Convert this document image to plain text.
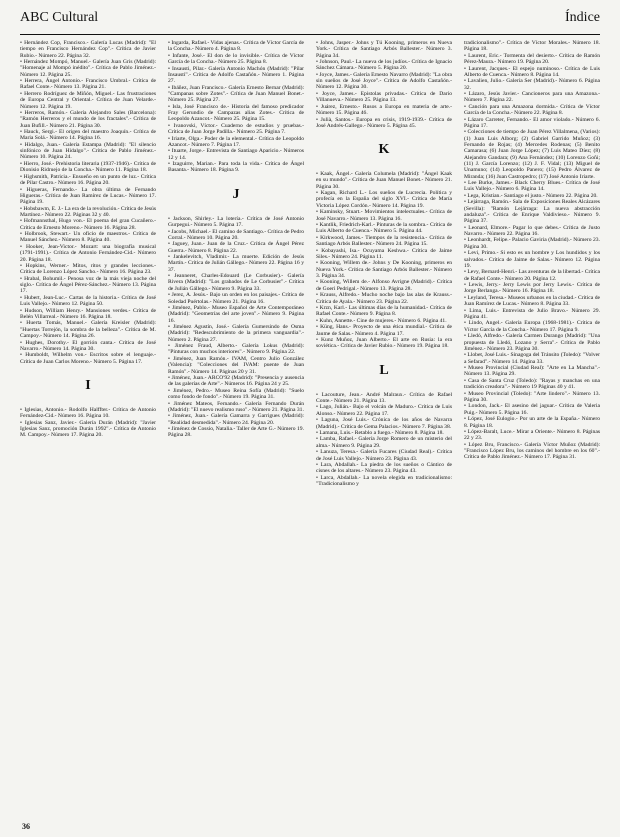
ABC Cultural	Índice
• Hernández Cop, Francisco.- Galería Lucas (Madrid): "El tiempo en Francisco Hernández Cop".- Crítica de Javier Rubio.- Número 22. Página 32.
• Hernández Mompó, Manuel.- Galería Juan Gris (Madrid): "Homenaje al Mompó inédito".- Crítica de Pablo Jiménez.- Número 12. Página 25.
• Herrera, Ángel Antonio.- Francisco Umbral.- Crítica de Rafael Conte.- Número 13. Página 21.
• Herrero Rodríguez de Miñón, Miguel.- Las frustraciones de Europa Central y Oriental.- Crítica de Juan Velarde.- Número 12. Página 19.
• Herreros, Ramón.- Galería Alejandro Sales (Barcelona): "Ramón Herreros y el mundo de los fractales".- Crítica de Juan Bufill.- Número 21. Página 30.
• Hauck, Sergi.- El origen del maestro Joaquín.- Crítica de Maria Solá.- Número 14. Página 16.
• Hidalgo, Juan.- Galería Estampa (Madrid): "El silencio sinfónico de Juan Hidalgo".- Crítica de Pablo Jiménez.- Número 10. Página 24.
• Hierro, José.- Prehistoria literaria (1937-1946).- Crítica de Dionisio Ridruejo de la Concha.- Número 11. Página 18.
• Highsmith, Patricia.- Ensueño en un punto de luz.- Crítica de Pilar Castro.- Número 16. Página 20.
• Higueras, Fernando.- La obra última de Fernando Higueras.- Crítica de Juan Ramírez de Lucas.- Número 17. Página 19.
• Hobsbawm, E. J.- La era de la revolución.- Crítica de Jesús Martínez.- Número 22. Páginas 32 y 40.
• Hofmannsthal, Hugo von.- El poema del gran Cucañero.- Crítica de Ernesto Moreno.- Número 16. Página 28.
• Holbrook, Stewart.- Un oficio de maestros.- Crítica de Manuel Sánchez.- Número 8. Página 40.
• Hooker, Jean-Victor.- Mozart: una biografía musical (1791-1991).- Crítica de Antonio Fernández-Cid.- Número 20. Página 18.
• Hopkins, Werner.- Mitos, ritos y grandes lecciones.- Crítica de Lorenzo López Sancho.- Número 16. Página 23.
• Hrabal, Bohumil.- Penosa voz de la más vieja noche del siglo.- Crítica de Ángel Pérez-Sánchez.- Número 13. Página 17.
• Hubert, Jean-Luc.- Cartas de la historia.- Crítica de José Luis Vallejo.- Número 12. Página 50.
• Hudson, William Henry.- Mansiones verdes.- Crítica de Belén Villarreal.- Número 16. Página 18.
• Huerta Tomás, Manuel.- Galería Kreisler (Madrid): "Huertas Torrejón, la sombra de la belleza".- Crítica de M. Campoy.- Número 14. Página 26.
• Hughes, Dorothy.- El gorrión canta.- Crítica de José Navarro.- Número 14. Página 30.
• Humboldt, Wilhelm von.- Escritos sobre el lenguaje.- Crítica de Juan Carlos Moreno.- Número 5. Página 17.
I
• Iglesias, Antonio.- Rodolfo Halffter.- Crítica de Antonio Fernández-Cid.- Número 16. Página 10.
• Iglesias Sanz, Javier.- Galería Durán (Madrid): "Javier Iglesias Sanz, promoción Durán 1992".- Crítica de Antonio M. Campoy.- Número 17. Página 20.
• Ingarda, Rafael.- Vidas ajenas.- Crítica de Víctor García de la Concha.- Número 4. Página 8.
• Infante, José.- El don de lo invisible.- Crítica de Víctor García de la Concha.- Número 25. Página 8.
• Insausti, Pilar.- Galería Antonio Machón (Madrid): "Pilar Insausti".- Crítica de Adolfo Castañón.- Número 1. Página 27.
• Ibáñez, Juan Francisco.- Galería Ernesto Bernar (Madrid): "Campanas sobre Zotes".- Crítica de Juan Manuel Bonet.- Número 25. Página 27.
• Isla, José Francisco de.- Historia del famoso predicador Fray Gerundio de Campazas alias Zotes.- Crítica de Leopoldo Azancot.- Número 25. Página 15.
• Ivanovski, Víctor.- Cuaderno de estudios y pruebas.- Crítica de Juan Jorge Padilla.- Número 25. Página 7.
• Iriarte, Olga.- Poder de la elemental.- Crítica de Leopoldo Azancot.- Número 7. Página 17.
• Ituarte, Jorge.- Entrevista de Santiago Aparicio.- Números 12 y 14.
• Izaguirre, Marian.- Para toda la vida.- Crítica de Ángel Basanta.- Número 18. Página 9.
J
• Jackson, Shirley.- La lotería.- Crítica de José Antonio Gurpegui.- Número 5. Página 17.
• Jacobs, Michael.- El camino de Santiago.- Crítica de Pedro Corral.- Número 10. Página 20.
• Jaguey, Juan.- Juan de la Cruz.- Crítica de Ángel Pérez Guerra.- Número 8. Página 22.
• Jankelevitch, Vladimir.- La muerte. Edición de Jesús Martín.- Crítica de Julián Gállego.- Número 22. Página 16 y 37.
• Jeanneret, Charles-Edouard (Le Corbusier).- Galería Rivera (Madrid): "Los grabados de Le Corbusier".- Crítica de Julián Gállego.- Número 9. Página 33.
• Jerez, A. Jesús.- Bajo un orden en los paisajes.- Crítica de Soledad Puértolas.- Número 21. Página 16.
• Jiménez, Pablo.- Museo Español de Arte Contemporáneo (Madrid): "Geometrías del arte joven".- Número 9. Página 16.
• Jiménez Agustín, José.- Galería Gumersindo de Osma (Madrid): "Redescubrimiento de la primera vanguardia".- Número 2. Página 27.
• Jiménez Fraud, Alberto.- Galería Lokus (Madrid): "Pinturas con muchos interiores".- Número 9. Página 22.
• Jiménez, Juan Ramón.- IVAM, Centro Julio González (Valencia): "Colecciones del IVAM: puente de Juan Ramón".- Número 14. Páginas 20 y 31.
• Jiménez, Juan.- ARCO'92 (Madrid): "Presencia y ausencia de las galerías de Arte".- Números 16. Página 24 y 25.
• Jiménez, Pedro.- Museo Reina Sofía (Madrid): "Suelo como fondo de fondo".- Número 19. Página 31.
• Jiménez Mateos, Fernando.- Galería Fernando Durán (Madrid): "El nuevo realismo ruso".- Número 21. Página 31.
• Jiménez, Juan.- Galería Gamarra y Garrigues (Madrid): "Realidad desmedida".- Número 24. Página 20.
• Jiménez de Cossío, Natalia.- Taller de Arte G.- Número 19. Página 28.
• Johns, Jasper.- Johns y Tú Kooning, primeros en Nueva York.- Crítica de Santiago Arbós Ballester.- Número 3. Página 34.
• Johnson, Paul.- La nueva de los judíos.- Crítica de Ignacio Sánchez Cámara.- Número 5. Página 20.
• Joyce, James.- Galería Ernesto Navarro (Madrid): "La obra sin sueños de José Joyce".- Crítica de Adolfo Castañón.- Número 12. Página 30.
• Joyce, James.- Epistolas privadas.- Crítica de Darío Villanueva.- Número 25. Página 13.
• Juárez, Ernesto.- Rusos a Europa en materia de arte.- Número 15. Página 46.
• Julià, Santos.- Europa en crisis, 1919-1939.- Crítica de José Andrés-Gallego.- Número 5. Página 45.
K
• Kaak, Ángel.- Galería Columela (Madrid): "Ángel Kaak en su mundo".- Crítica de Juan Manuel Bonet.- Número 21. Página 30.
• Kagan, Richard L.- Los sueños de Lucrecia. Política y profecía en la España del siglo XVI.- Crítica de María Victoria López Cordón.- Número 14. Página 19.
• Kaminsky, Stuart.- Movimientos intelectuales.- Crítica de José Navarro.- Número 13. Página 16.
• Kantlik, Friedrich-Karl.- Pinturas de la sombra.- Crítica de Luis Alberto de Cuenca.- Número 5. Página 44.
• Kirkwood, James.- Tiempos de la resistencia.- Crítica de Santiago Arbós Ballester.- Número 24. Página 15.
• Kobayashi, Isa.- Ocuyama Keshwa.- Crítica de Jaime Siles.- Número 24. Página 11.
• Kooning, Willem de.- Johns y De Kooning, primeros en Nueva York.- Crítica de Santiago Arbós Ballester.- Número 3. Página 34.
• Kooning, Willem de.- Alfonso Avrigne (Madrid).- Crítica de Goeri Pedrigal.- Número 13. Página 28.
• Krauss, Alfredo.- Mucho noche bajo las alas de Krauss.- Crítica de Ayala.- Número 23. Página 22.
• Krzn, Karl.- Las últimas días de la humanidad.- Crítica de Rafael Conte.- Número 9. Página 8.
• Kuhn, Annette.- Cine de mujeres.- Número 6. Página 41.
• Küng, Hans.- Proyecto de una ética mundial.- Crítica de Jaume de Salas.- Número 4. Página 17.
• Kunz Muñoz, Juan Alberto.- El arte en Rusia: la era soviética.- Crítica de Javier Rubio.- Número 19. Página 18.
L
• Lacouture, Jean.- André Malraux.- Crítica de Rafael Conte.- Número 21. Página 13.
• Lago, Julián.- Bajo el volcán de Maduro.- Crítica de Luis Alonso.- Número 22. Página 17.
• Laguna, José Luis.- Crónica de los años de Navarra (Madrid).- Crítica de Gema Palacios.- Número 7. Página 38.
• Lamana, Luis.- Retablo a fuego.- Número 8. Página 18.
• Lamba, Rafael.- Galería Jorge Romero de un misterio del alma.- Número 9. Página 29.
• Lanuza, Teresa.- Galería Fucares (Ciudad Real).- Crítica de José Luis Vallejo.- Número 23. Página 43.
• Lara, Abdallah.- La piedra de los sueños o Cántico de cisnes de los altares.- Número 23. Página 43.
• Larca, Abdallah.- La novela elegida en tradicionalismo: "Tradicionalismo y
tradicionalismo".- Crítica de Víctor Morales.- Número 18. Página 18.
• Laurent, Eric.- Tormenta del desierto.- Crítica de Ramón Pérez-Maura.- Número 19. Página 20.
• Laurent, Jacques.- El espejo numinoso.- Crítica de Luis Alberto de Cuenca.- Número 8. Página 14.
• Lavalien, Julio.- Galería Ser (Madrid).- Número 6. Página 32.
• Lázaro, Jesús Javier.- Cancioneros para una Amazona.- Número 7. Página 22.
• Canción para una Amazona dormida.- Crítica de Víctor García de la Concha.- Número 22. Página 8.
• Lázaro Carreter, Fernando.- El amor violado.- Número 6. Página 17.
• Colecciones de tiempo de Juan Pérez Villalmena, (Varios): (1) Juan Luis Alborg; (2) Gabriel Garrido Muñoz; (3) Fernando de Rojas; (4) Mercedes Rodenas; (5) Benito Camarasa; (6) Juan Jorge López; (7) Luis Mateo Díez; (8) Alejandro Gandara; (9) Ana Fernández; (10) Lorenzo Goñi; (11) J. García Lorenzo; (12) J. F. Vidal; (13) Miguel de Unamuno; (14) Leopoldo Panero; (15) Pedro Álvarez de Miranda; (16) Juan Castropedro; (17) José Antonio Iriarte.
• Lee Burke, James.- Black Cherry Blues.- Crítica de José Luis Vallejo.- Número 6. Página 14.
• Lega, Kristian.- Santiago el justo.- Número 22. Página 20.
• Lejárraga, Ramón.- Sala de Exposiciones Reales Alcázares (Sevilla): "Ramón Lejárraga: La nueva abstracción andaluza".- Crítica de Enrique Valdivieso.- Número 9. Página 37.
• Leonard, Elmore.- Pagar lo que debes.- Crítica de Justo Navarro.- Número 22. Página 16.
• Leonhardt, Felipe.- Palacio Gaviria (Madrid).- Número 23. Página 30.
• Levi, Primo.- Si esto es un hombre y Los hundidos y los salvados.- Crítica de Jaime de Salas.- Número 12. Página 19.
• Levy, Bernard-Henri.- Las aventuras de la libertad.- Crítica de Rafael Conte.- Número 20. Página 12.
• Lewis, Jerry.- Jerry Lewis por Jerry Lewis.- Crítica de Jorge Berlanga.- Número 16. Página 18.
• Leyland, Teresa.- Museos urbanos en la ciudad.- Crítica de Juan Ramírez de Lucas.- Número 8. Página 33.
• Lima, Luis.- Entrevista de Julio Bravo.- Número 29. Página 41.
• Lindo, Angel.- Galería Europa (1968-1981).- Crítica de Víctor García de la Concha.- Número 17. Página 9.
• Lledó, Alfredo.- Galería Carmen Durango (Madrid): "Una propuesta de Lledó, Lozano y Serra".- Crítica de Pablo Jiménez.- Número 23. Página 30.
• Llobet, José Luis.- Sinagoga del Tránsito (Toledo): "Volver a Sefarad".- Número 14. Página 33.
• Museo Provincial (Ciudad Real): "Arte en La Mancha".- Número 13. Página 29.
• Casa de Santa Cruz (Toledo): "Rayas y manchas en una tradición creadora".- Número 19 Páginas 40 y 41.
• Museo Provincial (Toledo): "Arte lindero".- Número 13. Página 30.
• London, Jack.- El asesino del jaguar.- Crítica de Valeria Puig.- Número 5. Página 16.
• López, José Eulogio.- Por un arte de la España.- Número 8. Página 18.
• López-Baralt, Luce.- Mirar a Oriente.- Número 8. Páginas 22 y 23.
• López Bru, Francisco.- Galería Víctor Muñoz (Madrid): "Francisco López Bru, los caminos del hombre en los 60".- Crítica de Pablo Jiménez.- Número 17. Página 31.
36
